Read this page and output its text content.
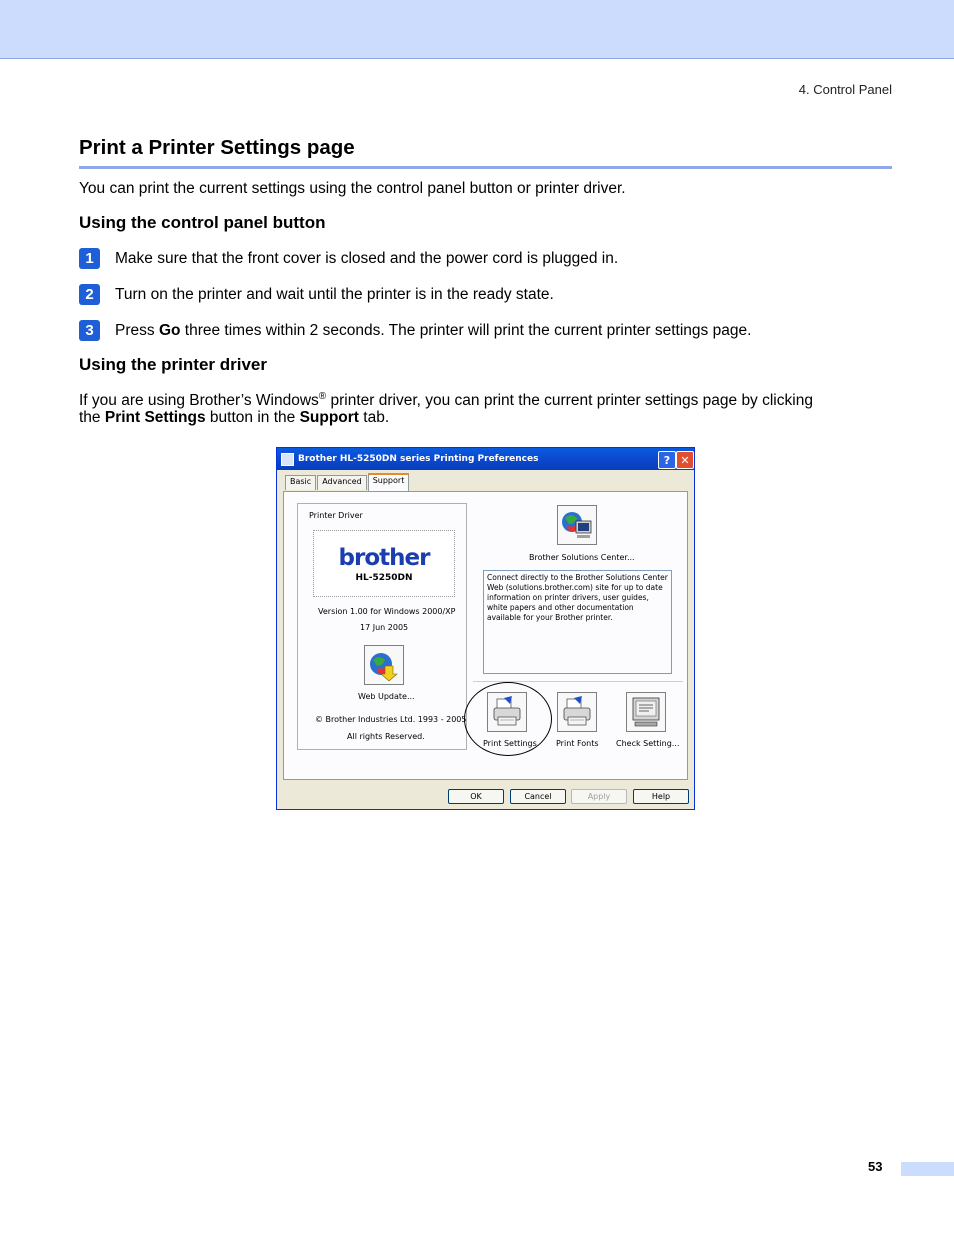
4. Control Panel
Print a Printer Settings page
You can print the current settings using the control panel button or printer driver.
Using the control panel button
1	Make sure that the front cover is closed and the power cord is plugged in.
2	Turn on the printer and wait until the printer is in the ready state.
3	Press Go three times within 2 seconds. The printer will print the current printer settings page.
Using the printer driver
If you are using Brother’s Windows® printer driver, you can print the current printer settings page by clicking
the Print Settings button in the Support tab.
Brother HL-5250DN series Printing Preferences	? ✕
Basic	Advanced	Support
Printer Driver
brother
HL-5250DN
Version 1.00 for Windows 2000/XP
17 Jun 2005
Web Update...
© Brother Industries Ltd. 1993 - 2005
All rights Reserved.
Brother Solutions Center...
Connect directly to the Brother Solutions Center Web (solutions.brother.com) site for up to date information on printer drivers, user guides, white papers and other documentation available for your Brother printer.
Print Settings Print Fonts Check Setting...
OK	Cancel	Apply	Help
53
